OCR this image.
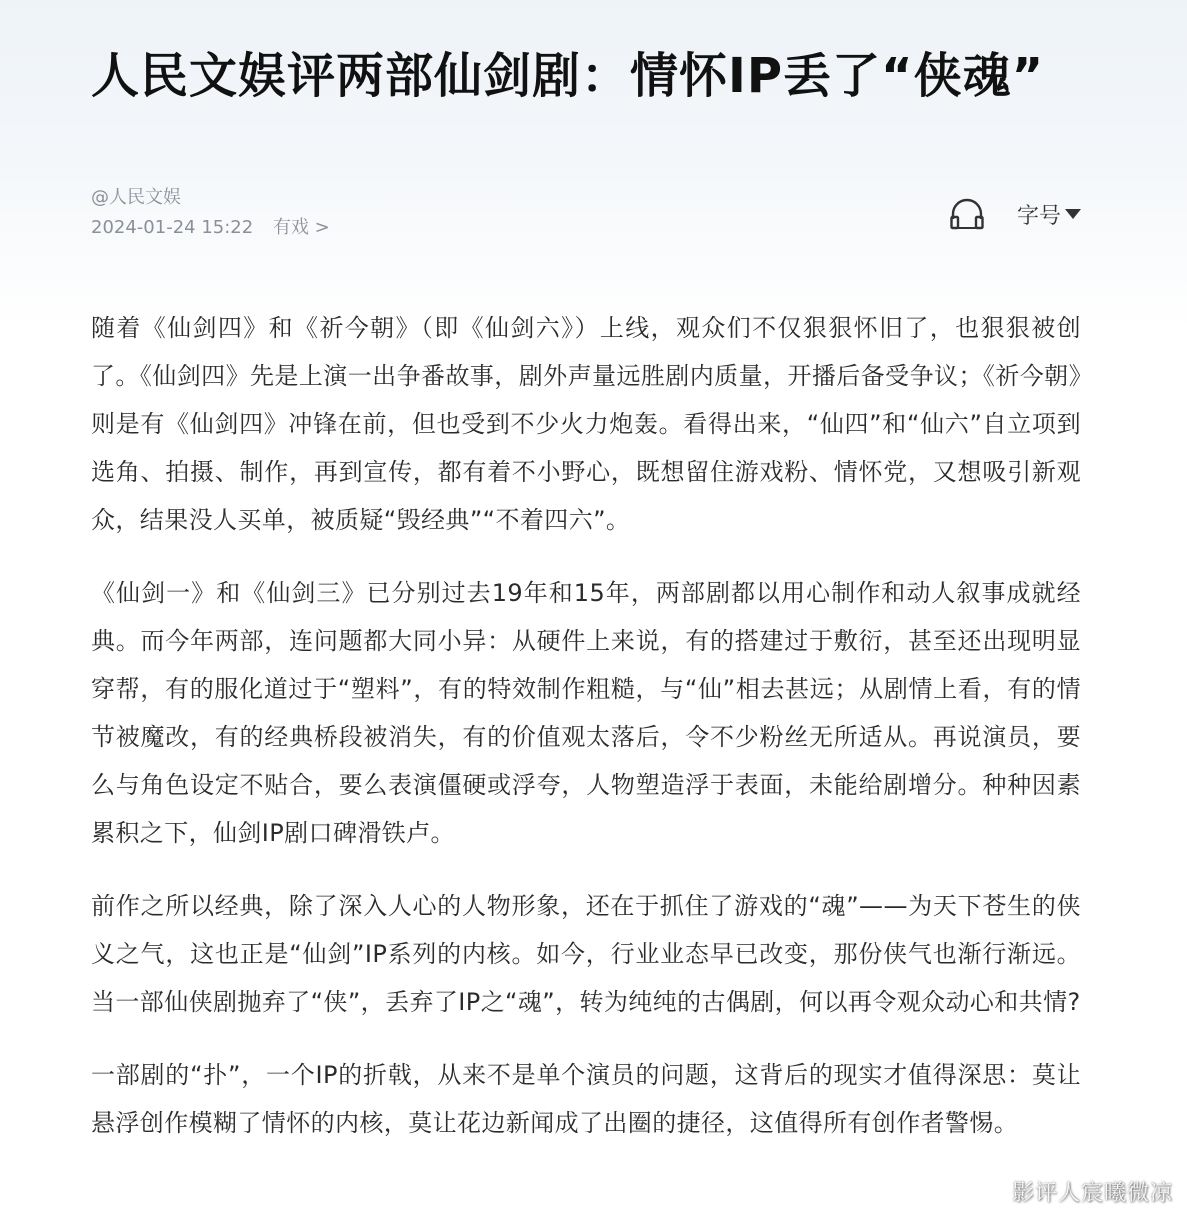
人民文娱评两部仙剑剧：情怀IP丢了“侠魂”
@人民文娱
2024-01-24 15:22 有戏 >	字号

随着《仙剑四》和《祈今朝》（即《仙剑六》）上线，观众们不仅狠狠怀旧了，也狠狠被创了。《仙剑四》先是上演一出争番故事，剧外声量远胜剧内质量，开播后备受争议；《祈今朝》则是有《仙剑四》冲锋在前，但也受到不少火力炮轰。看得出来，“仙四”和“仙六”自立项到选角、拍摄、制作，再到宣传，都有着不小野心，既想留住游戏粉、情怀党，又想吸引新观众，结果没人买单，被质疑“毁经典”“不着四六”。

《仙剑一》和《仙剑三》已分别过去19年和15年，两部剧都以用心制作和动人叙事成就经典。而今年两部，连问题都大同小异：从硬件上来说，有的搭建过于敷衍，甚至还出现明显穿帮，有的服化道过于“塑料”，有的特效制作粗糙，与“仙”相去甚远；从剧情上看，有的情节被魔改，有的经典桥段被消失，有的价值观太落后，令不少粉丝无所适从。再说演员，要么与角色设定不贴合，要么表演僵硬或浮夸，人物塑造浮于表面，未能给剧增分。种种因素累积之下，仙剑IP剧口碑滑铁卢。

前作之所以经典，除了深入人心的人物形象，还在于抓住了游戏的“魂”——为天下苍生的侠义之气，这也正是“仙剑”IP系列的内核。如今，行业业态早已改变，那份侠气也渐行渐远。当一部仙侠剧抛弃了“侠”，丢弃了IP之“魂”，转为纯纯的古偶剧，何以再令观众动心和共情?

一部剧的“扑”，一个IP的折戟，从来不是单个演员的问题，这背后的现实才值得深思：莫让悬浮创作模糊了情怀的内核，莫让花边新闻成了出圈的捷径，这值得所有创作者警惕。

影评人宸曦微凉
